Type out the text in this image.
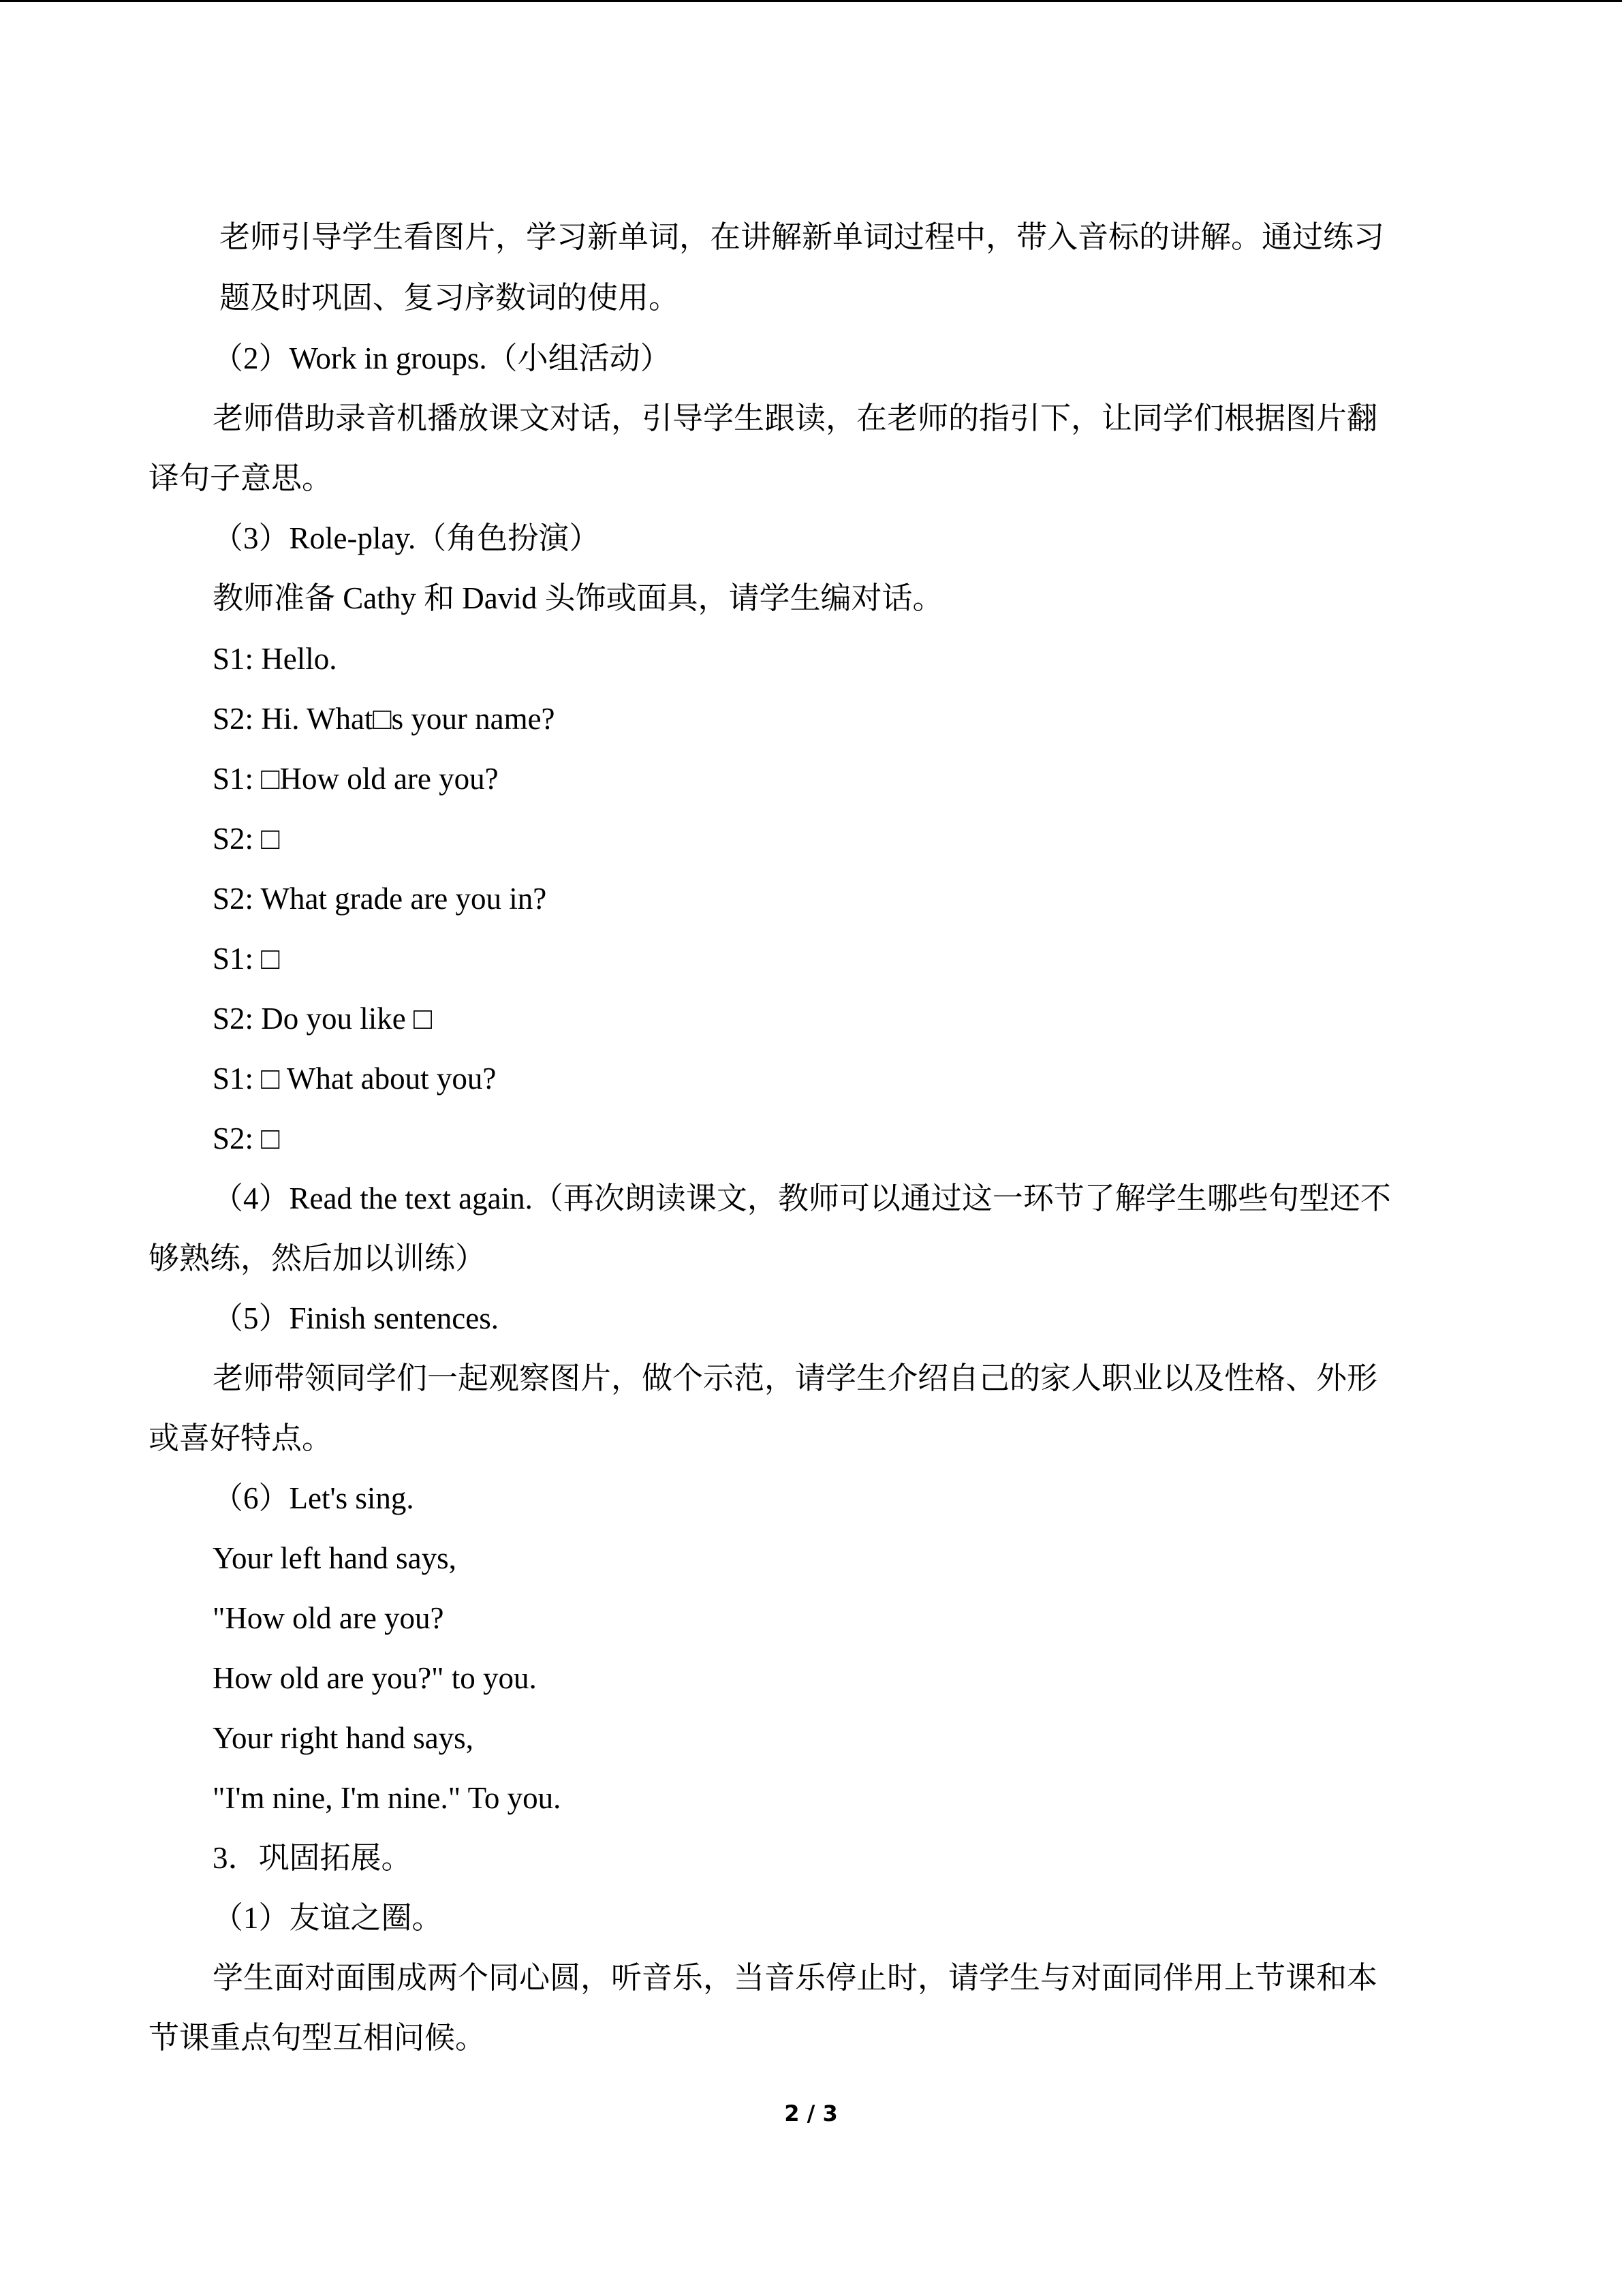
老师引导学生看图片，学习新单词，在讲解新单词过程中，带入音标的讲解。通过练习
题及时巩固、复习序数词的使用。
（2）Work in groups.（小组活动）
老师借助录音机播放课文对话，引导学生跟读，在老师的指引下，让同学们根据图片翻
译句子意思。
（3）Role-play.（角色扮演）
教师准备 Cathy 和 David 头饰或面具，请学生编对话。
S1: Hello.
S2: Hi. What□s your name?
S1: □How old are you?
S2: □
S2: What grade are you in?
S1: □
S2: Do you like □
S1: □ What about you?
S2: □
（4）Read the text again.（再次朗读课文，教师可以通过这一环节了解学生哪些句型还不
够熟练，然后加以训练）
（5）Finish sentences.
老师带领同学们一起观察图片，做个示范，请学生介绍自己的家人职业以及性格、外形
或喜好特点。
（6）Let's sing.
Your left hand says,
"How old are you?
How old are you?" to you.
Your right hand says,
"I'm nine, I'm nine." To you.
3．巩固拓展。
（1）友谊之圈。
学生面对面围成两个同心圆，听音乐，当音乐停止时，请学生与对面同伴用上节课和本
节课重点句型互相问候。
2 / 3
